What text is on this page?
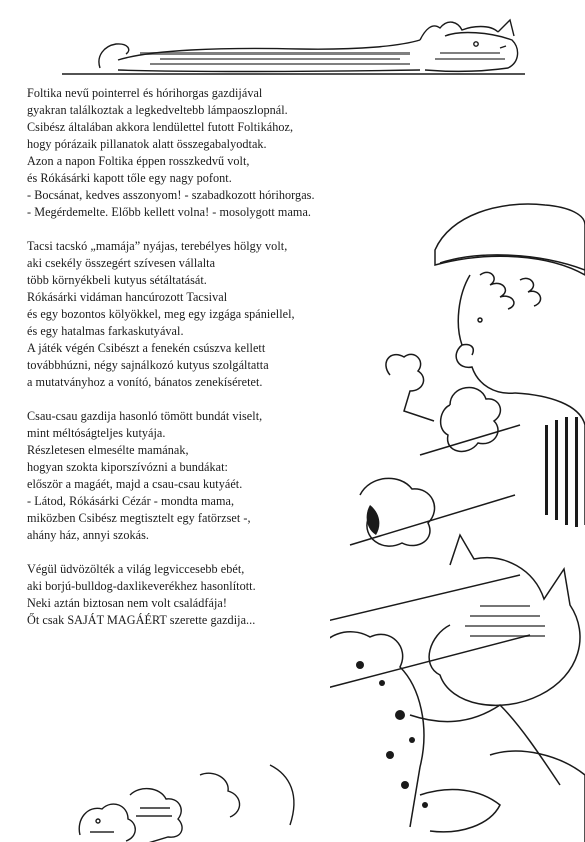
Foltika nevű pointerrel és hórihorgas gazdijával
gyakran találkoztak a legkedveltebb lámpaoszlopnál.
Csibész általában akkora lendülettel futott Foltikához,
hogy pórázaik pillanatok alatt összegabalyodtak.
Azon a napon Foltika éppen rosszkedvű volt,
és Rókásárki kapott tőle egy nagy pofont.
- Bocsánat, kedves asszonyom! - szabadkozott hórihorgas.
- Megérdemelte. Előbb kellett volna! - mosolygott mama.
Tacsi tacskó „mamája” nyájas, terebélyes hölgy volt,
aki csekély összegért szívesen vállalta
több környékbeli kutyus sétáltatását.
Rókásárki vidáman hancúrozott Tacsival
és egy bozontos kölyökkel, meg egy izgága spániellel,
és egy hatalmas farkaskutyával.
A játék végén Csibészt a fenekén csúszva kellett
továbbhúzni, négy sajnálkozó kutyus szolgáltatta
a mutatványhoz a vonító, bánatos zenekíséretet.
Csau-csau gazdija hasonló tömött bundát viselt,
mint méltóságteljes kutyája.
Részletesen elmesélte mamának,
hogyan szokta kiporszívózni a bundákat:
először a magáét, majd a csau-csau kutyáét.
- Látod, Rókásárki Cézár - mondta mama,
miközben Csibész megtisztelt egy fatörzset -,
ahány ház, annyi szokás.
Végül üdvözölték a világ legviccesebb ebét,
aki borjú-bulldog-daxlikeverékhez hasonlított.
Neki aztán biztosan nem volt családfája!
Őt csak SAJÁT MAGÁÉRT szerette gazdija...
